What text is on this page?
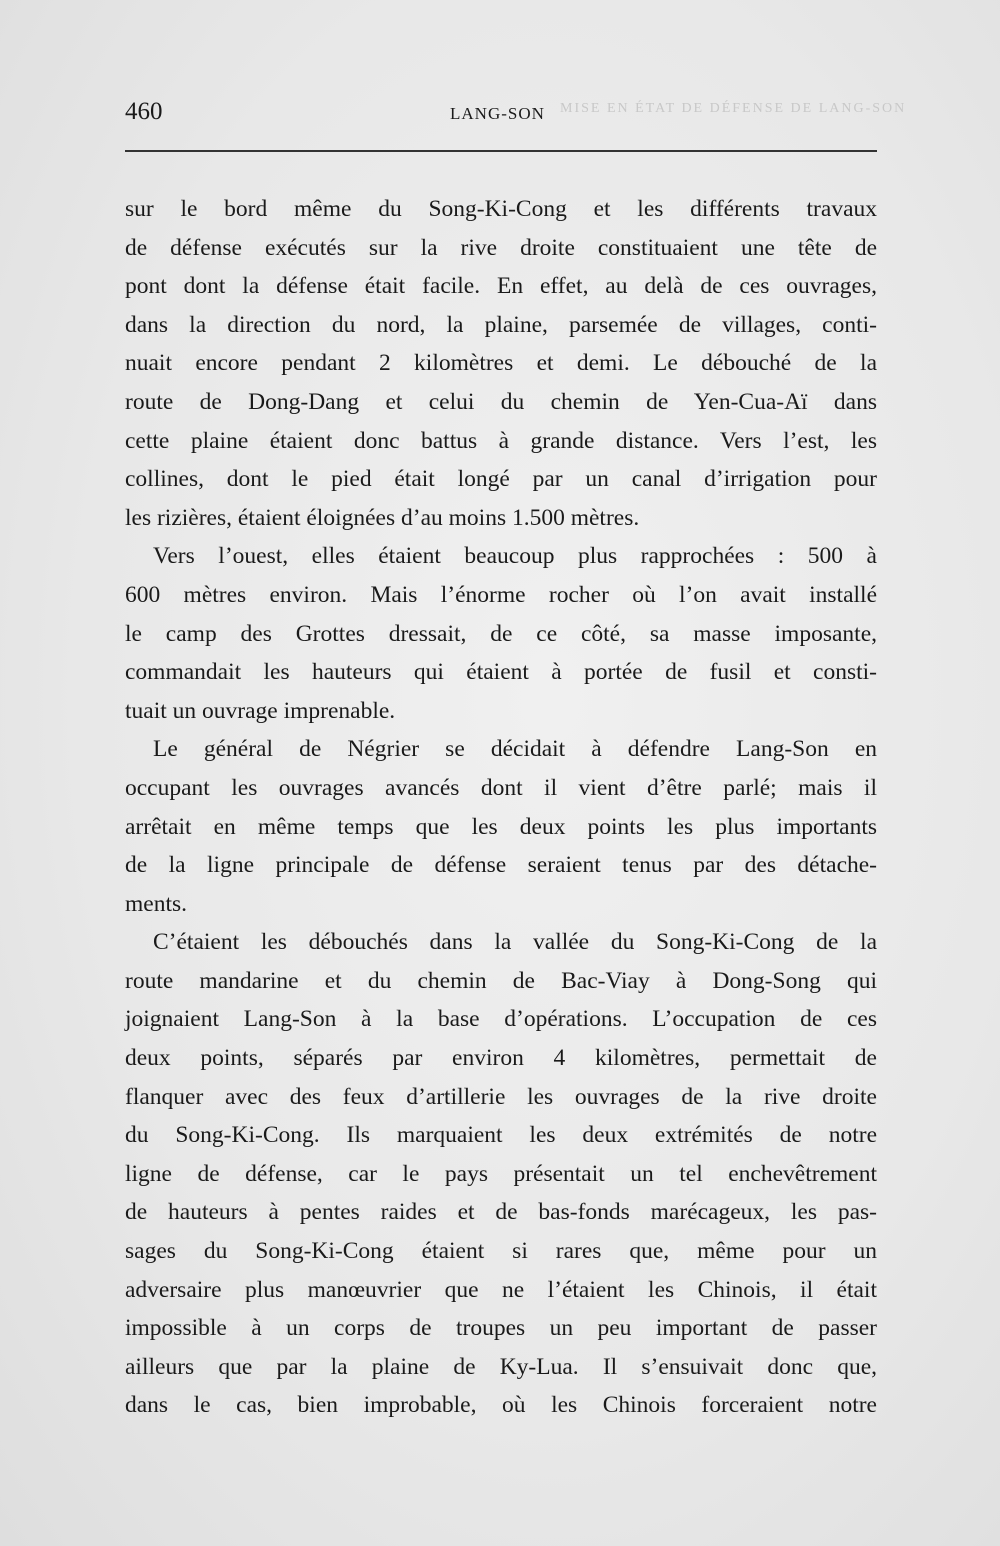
MISE EN ÉTAT DE DÉFENSE DE LANG-SON
460	LANG-SON
sur le bord même du Song-Ki-Cong et les différents travaux
de défense exécutés sur la rive droite constituaient une tête de
pont dont la défense était facile. En effet, au delà de ces ouvrages,
dans la direction du nord, la plaine, parsemée de villages, conti-
nuait encore pendant 2 kilomètres et demi. Le débouché de la
route de Dong-Dang et celui du chemin de Yen-Cua-Aï dans
cette plaine étaient donc battus à grande distance. Vers l’est, les
collines, dont le pied était longé par un canal d’irrigation pour
les rizières, étaient éloignées d’au moins 1.500 mètres.
Vers l’ouest, elles étaient beaucoup plus rapprochées : 500 à
600 mètres environ. Mais l’énorme rocher où l’on avait installé
le camp des Grottes dressait, de ce côté, sa masse imposante,
commandait les hauteurs qui étaient à portée de fusil et consti-
tuait un ouvrage imprenable.
Le général de Négrier se décidait à défendre Lang-Son en
occupant les ouvrages avancés dont il vient d’être parlé; mais il
arrêtait en même temps que les deux points les plus importants
de la ligne principale de défense seraient tenus par des détache-
ments.
C’étaient les débouchés dans la vallée du Song-Ki-Cong de la
route mandarine et du chemin de Bac-Viay à Dong-Song qui
joignaient Lang-Son à la base d’opérations. L’occupation de ces
deux points, séparés par environ 4 kilomètres, permettait de
flanquer avec des feux d’artillerie les ouvrages de la rive droite
du Song-Ki-Cong. Ils marquaient les deux extrémités de notre
ligne de défense, car le pays présentait un tel enchevêtrement
de hauteurs à pentes raides et de bas-fonds marécageux, les pas-
sages du Song-Ki-Cong étaient si rares que, même pour un
adversaire plus manœuvrier que ne l’étaient les Chinois, il était
impossible à un corps de troupes un peu important de passer
ailleurs que par la plaine de Ky-Lua. Il s’ensuivait donc que,
dans le cas, bien improbable, où les Chinois forceraient notre
